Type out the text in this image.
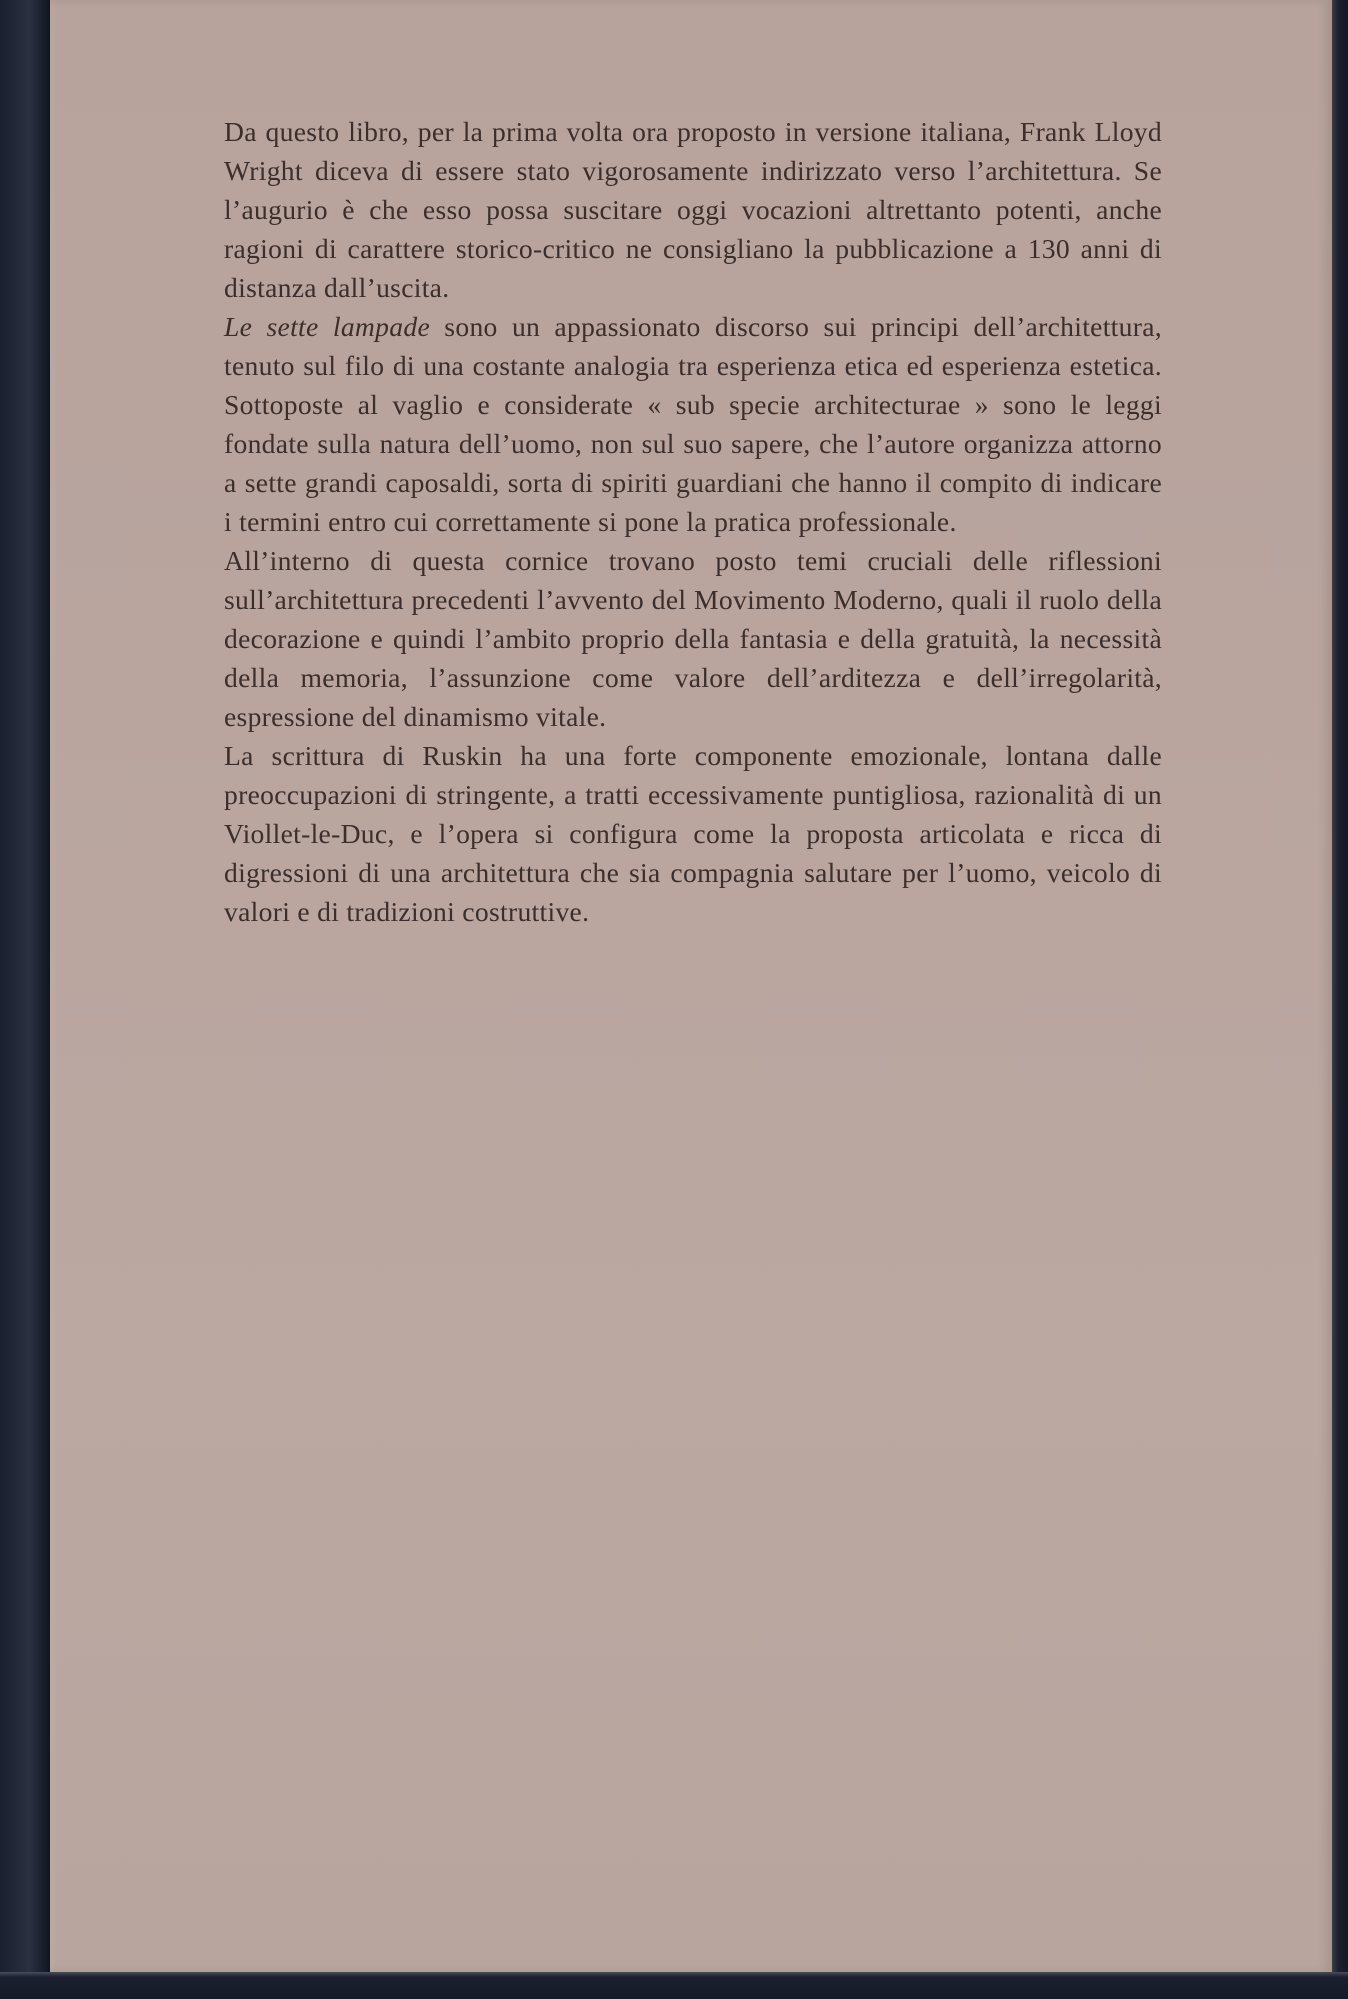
Da questo libro, per la prima volta ora proposto in versione italiana, Frank Lloyd Wright diceva di essere stato vigorosamente indirizzato verso l’architettura. Se l’augurio è che esso possa suscitare oggi vocazioni altrettanto potenti, anche ragioni di carattere storico-critico ne consigliano la pubblicazione a 130 anni di distanza dall’uscita.

Le sette lampade sono un appassionato discorso sui principi dell’architettura, tenuto sul filo di una costante analogia tra esperienza etica ed esperienza estetica. Sottoposte al vaglio e considerate « sub specie architecturae » sono le leggi fondate sulla natura dell’uomo, non sul suo sapere, che l’autore organizza attorno a sette grandi caposaldi, sorta di spiriti guardiani che hanno il compito di indicare i termini entro cui correttamente si pone la pratica professionale.

All’interno di questa cornice trovano posto temi cruciali delle riflessioni sull’architettura precedenti l’avvento del Movimento Moderno, quali il ruolo della decorazione e quindi l’ambito proprio della fantasia e della gratuità, la necessità della memoria, l’assunzione come valore dell’arditezza e dell’irregolarità, espressione del dinamismo vitale.

La scrittura di Ruskin ha una forte componente emozionale, lontana dalle preoccupazioni di stringente, a tratti eccessivamente puntigliosa, razionalità di un Viollet-le-Duc, e l’opera si configura come la proposta articolata e ricca di digressioni di una architettura che sia compagnia salutare per l’uomo, veicolo di valori e di tradizioni costruttive.
